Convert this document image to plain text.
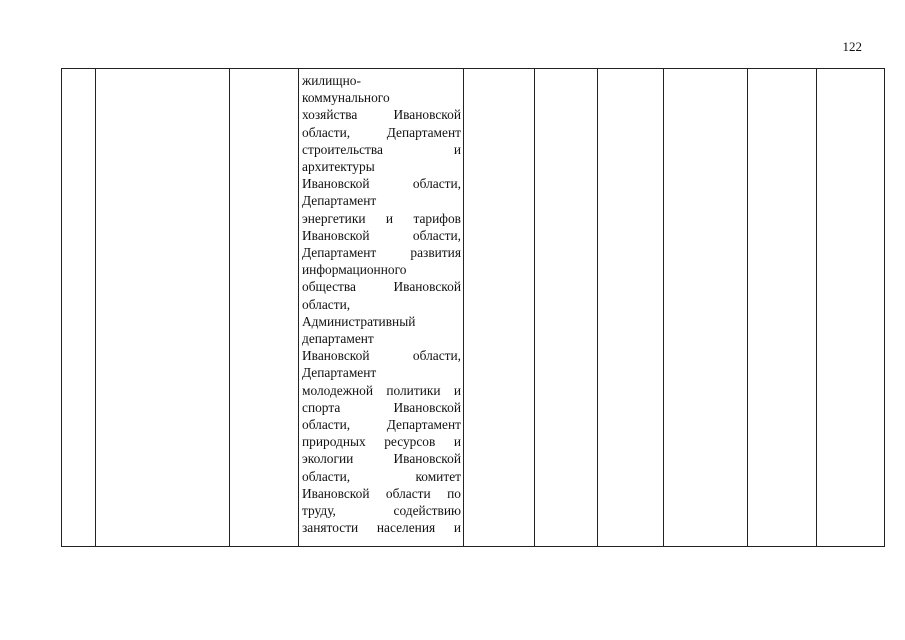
122

жилищно-
коммунального
хозяйства Ивановской
области, Департамент
строительства и
архитектуры
Ивановской области,
Департамент
энергетики и тарифов
Ивановской области,
Департамент развития
информационного
общества Ивановской
области,
Административный
департамент
Ивановской области,
Департамент
молодежной политики и
спорта Ивановской
области, Департамент
природных ресурсов и
экологии Ивановской
области, комитет
Ивановской области по
труду, содействию
занятости населения и
